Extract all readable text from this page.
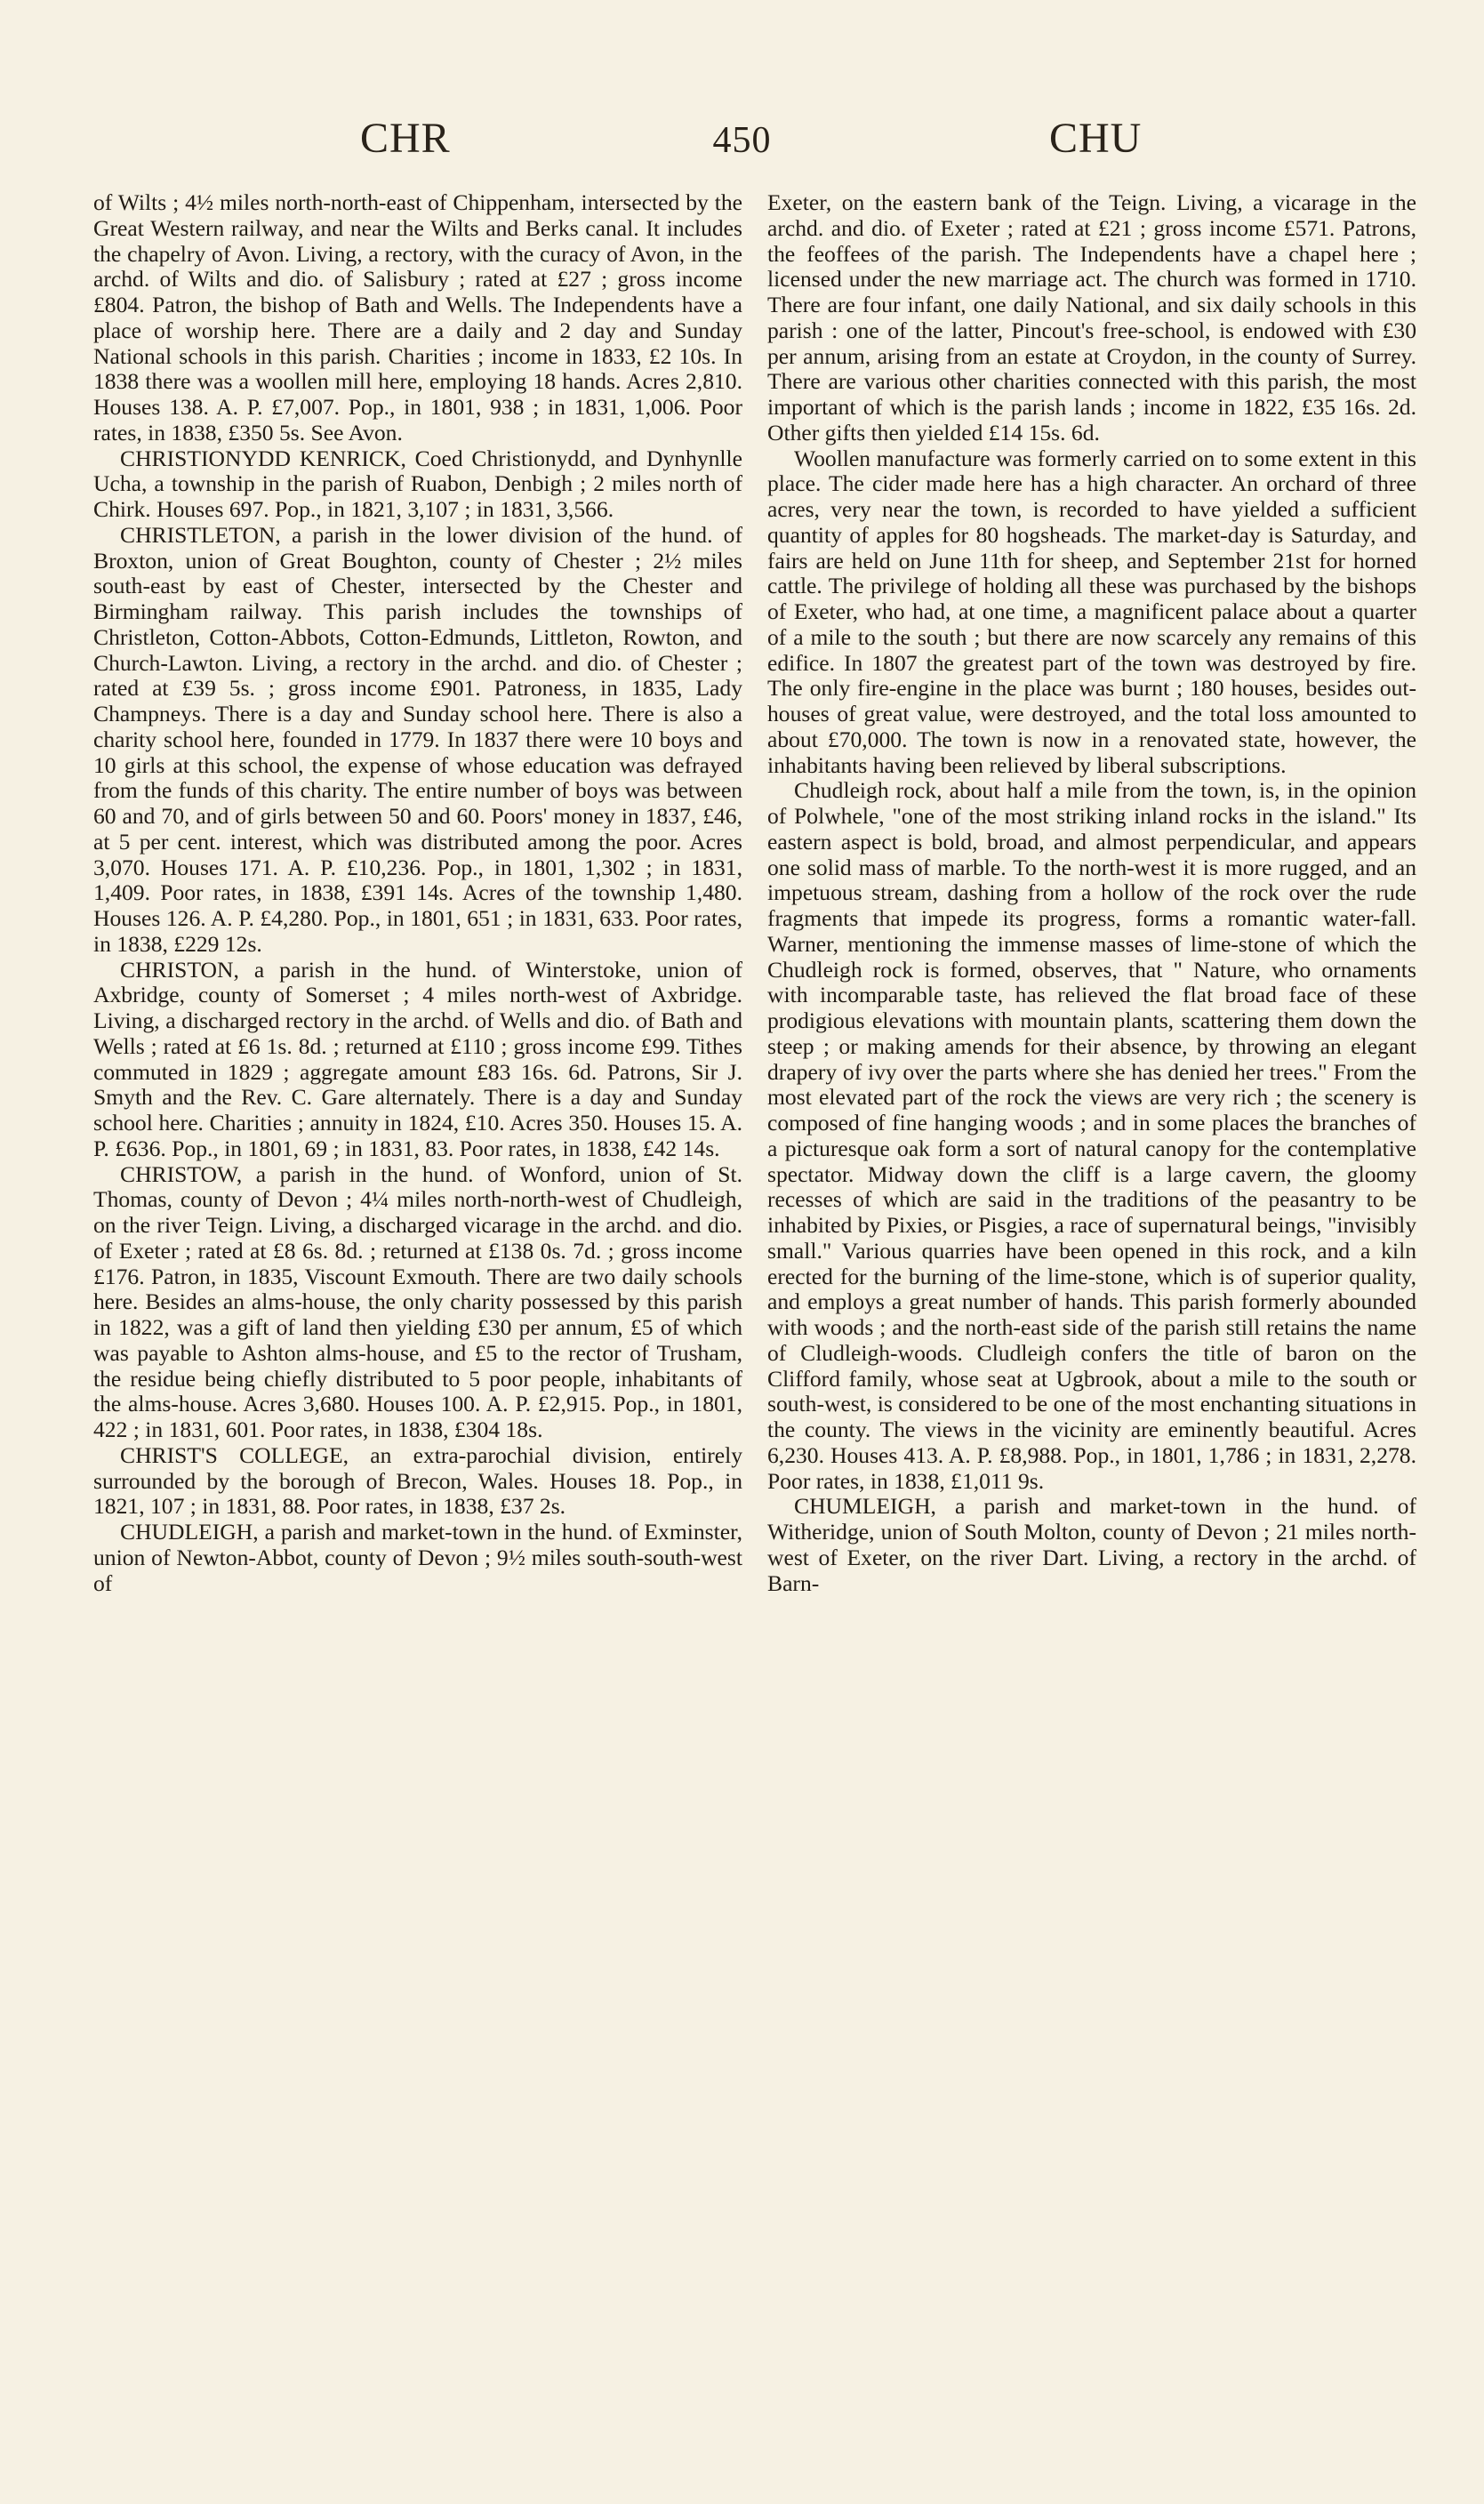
CHR	450	CHU

of Wilts ; 4½ miles north-north-east of Chippenham, intersected by the Great Western railway, and near the Wilts and Berks canal. It includes the chapelry of Avon. Living, a rectory, with the curacy of Avon, in the archd. of Wilts and dio. of Salisbury ; rated at £27 ; gross income £804. Patron, the bishop of Bath and Wells. The Independents have a place of worship here. There are a daily and 2 day and Sunday National schools in this parish. Charities ; income in 1833, £2 10s. In 1838 there was a woollen mill here, employing 18 hands. Acres 2,810. Houses 138. A. P. £7,007. Pop., in 1801, 938 ; in 1831, 1,006. Poor rates, in 1838, £350 5s. See Avon.

CHRISTIONYDD KENRICK, Coed Christionydd, and Dynhynlle Ucha, a township in the parish of Ruabon, Denbigh ; 2 miles north of Chirk. Houses 697. Pop., in 1821, 3,107 ; in 1831, 3,566.

CHRISTLETON, a parish in the lower division of the hund. of Broxton, union of Great Boughton, county of Chester ; 2½ miles south-east by east of Chester, intersected by the Chester and Birmingham railway. This parish includes the townships of Christleton, Cotton-Abbots, Cotton-Edmunds, Littleton, Rowton, and Church-Lawton. Living, a rectory in the archd. and dio. of Chester ; rated at £39 5s. ; gross income £901. Patroness, in 1835, Lady Champneys. There is a day and Sunday school here. There is also a charity school here, founded in 1779. In 1837 there were 10 boys and 10 girls at this school, the expense of whose education was defrayed from the funds of this charity. The entire number of boys was between 60 and 70, and of girls between 50 and 60. Poors' money in 1837, £46, at 5 per cent. interest, which was distributed among the poor. Acres 3,070. Houses 171. A. P. £10,236. Pop., in 1801, 1,302 ; in 1831, 1,409. Poor rates, in 1838, £391 14s. Acres of the township 1,480. Houses 126. A. P. £4,280. Pop., in 1801, 651 ; in 1831, 633. Poor rates, in 1838, £229 12s.

CHRISTON, a parish in the hund. of Winterstoke, union of Axbridge, county of Somerset ; 4 miles north-west of Axbridge. Living, a discharged rectory in the archd. of Wells and dio. of Bath and Wells ; rated at £6 1s. 8d. ; returned at £110 ; gross income £99. Tithes commuted in 1829 ; aggregate amount £83 16s. 6d. Patrons, Sir J. Smyth and the Rev. C. Gare alternately. There is a day and Sunday school here. Charities ; annuity in 1824, £10. Acres 350. Houses 15. A. P. £636. Pop., in 1801, 69 ; in 1831, 83. Poor rates, in 1838, £42 14s.

CHRISTOW, a parish in the hund. of Wonford, union of St. Thomas, county of Devon ; 4¼ miles north-north-west of Chudleigh, on the river Teign. Living, a discharged vicarage in the archd. and dio. of Exeter ; rated at £8 6s. 8d. ; returned at £138 0s. 7d. ; gross income £176. Patron, in 1835, Viscount Exmouth. There are two daily schools here. Besides an alms-house, the only charity possessed by this parish in 1822, was a gift of land then yielding £30 per annum, £5 of which was payable to Ashton alms-house, and £5 to the rector of Trusham, the residue being chiefly distributed to 5 poor people, inhabitants of the alms-house. Acres 3,680. Houses 100. A. P. £2,915. Pop., in 1801, 422 ; in 1831, 601. Poor rates, in 1838, £304 18s.

CHRIST'S COLLEGE, an extra-parochial division, entirely surrounded by the borough of Brecon, Wales. Houses 18. Pop., in 1821, 107 ; in 1831, 88. Poor rates, in 1838, £37 2s.

CHUDLEIGH, a parish and market-town in the hund. of Exminster, union of Newton-Abbot, county of Devon ; 9½ miles south-south-west of

Exeter, on the eastern bank of the Teign. Living, a vicarage in the archd. and dio. of Exeter ; rated at £21 ; gross income £571. Patrons, the feoffees of the parish. The Independents have a chapel here ; licensed under the new marriage act. The church was formed in 1710. There are four infant, one daily National, and six daily schools in this parish : one of the latter, Pincout's free-school, is endowed with £30 per annum, arising from an estate at Croydon, in the county of Surrey. There are various other charities connected with this parish, the most important of which is the parish lands ; income in 1822, £35 16s. 2d. Other gifts then yielded £14 15s. 6d.

Woollen manufacture was formerly carried on to some extent in this place. The cider made here has a high character. An orchard of three acres, very near the town, is recorded to have yielded a sufficient quantity of apples for 80 hogsheads. The market-day is Saturday, and fairs are held on June 11th for sheep, and September 21st for horned cattle. The privilege of holding all these was purchased by the bishops of Exeter, who had, at one time, a magnificent palace about a quarter of a mile to the south ; but there are now scarcely any remains of this edifice. In 1807 the greatest part of the town was destroyed by fire. The only fire-engine in the place was burnt ; 180 houses, besides out-houses of great value, were destroyed, and the total loss amounted to about £70,000. The town is now in a renovated state, however, the inhabitants having been relieved by liberal subscriptions.

Chudleigh rock, about half a mile from the town, is, in the opinion of Polwhele, "one of the most striking inland rocks in the island." Its eastern aspect is bold, broad, and almost perpendicular, and appears one solid mass of marble. To the north-west it is more rugged, and an impetuous stream, dashing from a hollow of the rock over the rude fragments that impede its progress, forms a romantic water-fall. Warner, mentioning the immense masses of lime-stone of which the Chudleigh rock is formed, observes, that " Nature, who ornaments with incomparable taste, has relieved the flat broad face of these prodigious elevations with mountain plants, scattering them down the steep ; or making amends for their absence, by throwing an elegant drapery of ivy over the parts where she has denied her trees." From the most elevated part of the rock the views are very rich ; the scenery is composed of fine hanging woods ; and in some places the branches of a picturesque oak form a sort of natural canopy for the contemplative spectator. Midway down the cliff is a large cavern, the gloomy recesses of which are said in the traditions of the peasantry to be inhabited by Pixies, or Pisgies, a race of supernatural beings, "invisibly small." Various quarries have been opened in this rock, and a kiln erected for the burning of the lime-stone, which is of superior quality, and employs a great number of hands. This parish formerly abounded with woods ; and the north-east side of the parish still retains the name of Cludleigh-woods. Cludleigh confers the title of baron on the Clifford family, whose seat at Ugbrook, about a mile to the south or south-west, is considered to be one of the most enchanting situations in the county. The views in the vicinity are eminently beautiful. Acres 6,230. Houses 413. A. P. £8,988. Pop., in 1801, 1,786 ; in 1831, 2,278. Poor rates, in 1838, £1,011 9s.

CHUMLEIGH, a parish and market-town in the hund. of Witheridge, union of South Molton, county of Devon ; 21 miles north-west of Exeter, on the river Dart. Living, a rectory in the archd. of Barn-
